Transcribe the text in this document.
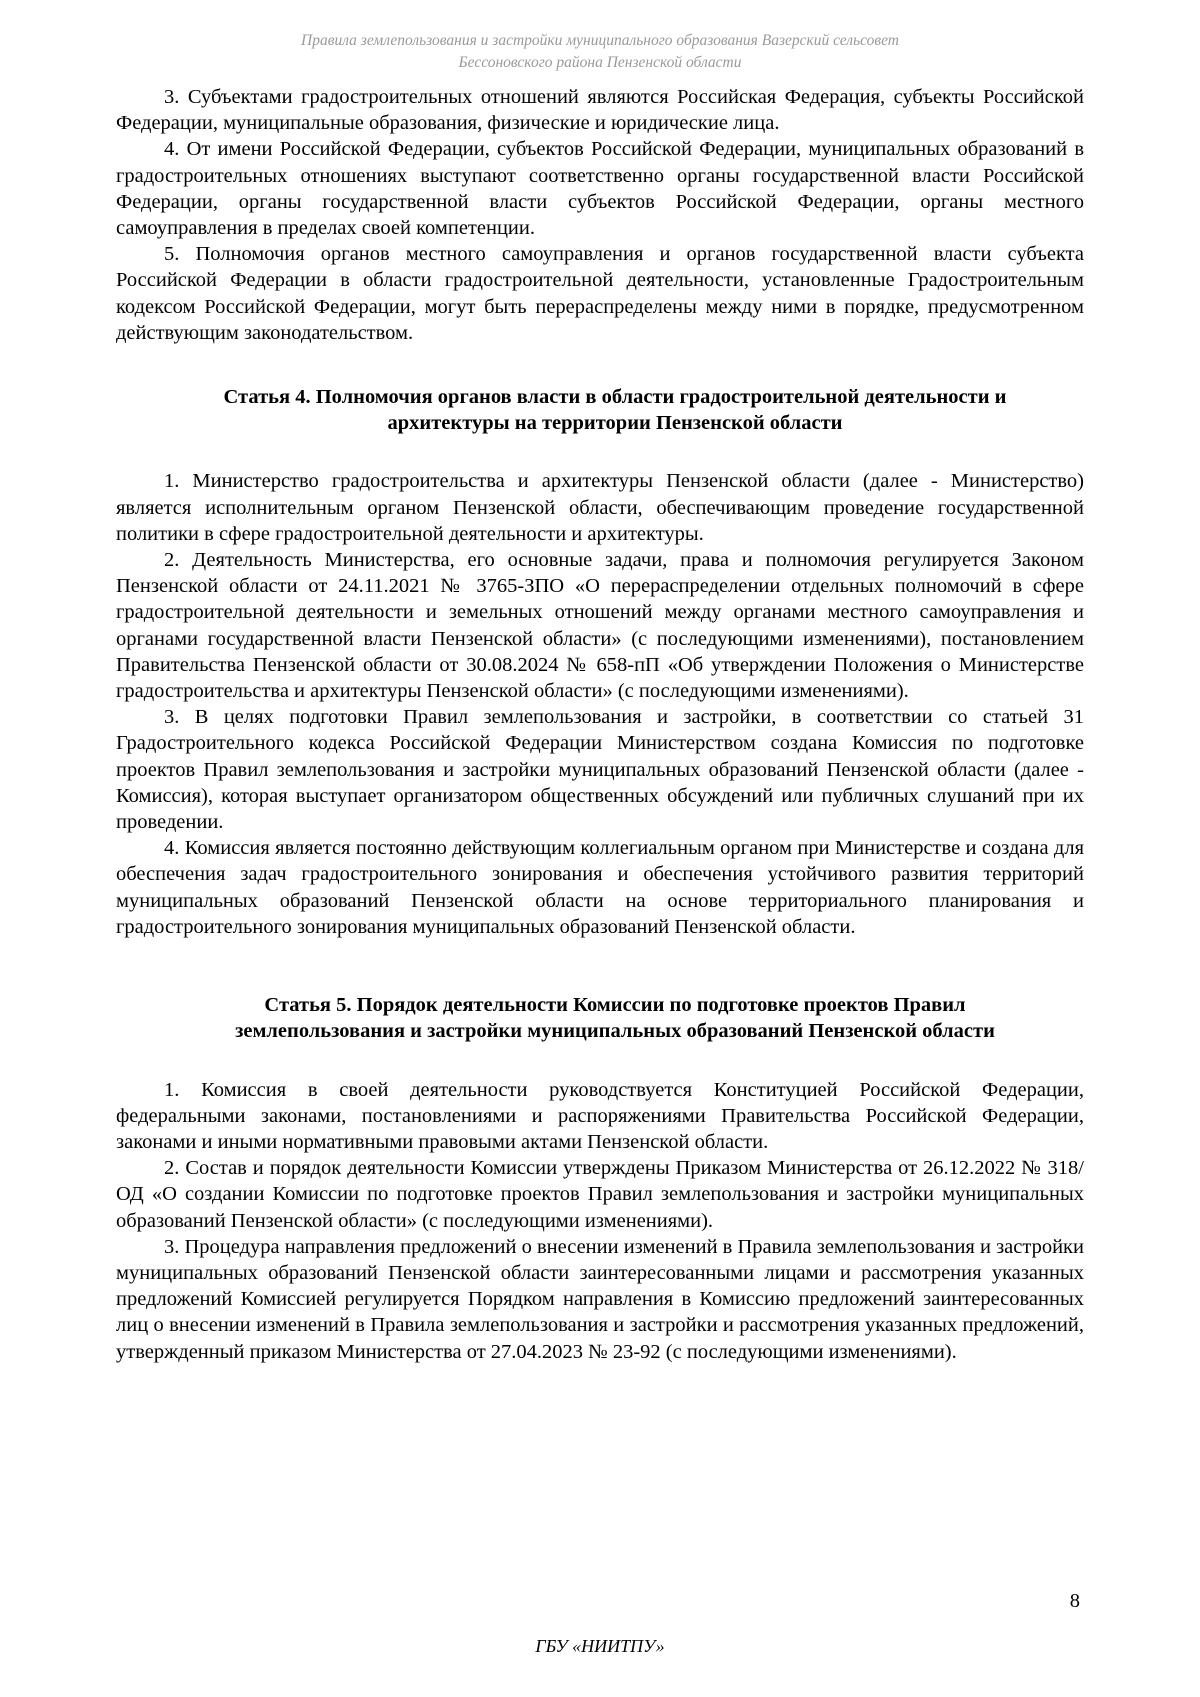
Правила землепользования и застройки муниципального образования Вазерский сельсовет
Бессоновского района Пензенской области

3. Субъектами градостроительных отношений являются Российская Федерация, субъекты Российской Федерации, муниципальные образования, физические и юридические лица.

4. От имени Российской Федерации, субъектов Российской Федерации, муниципальных образований в градостроительных отношениях выступают соответственно органы государственной власти Российской Федерации, органы государственной власти субъектов Российской Федерации, органы местного самоуправления в пределах своей компетенции.

5. Полномочия органов местного самоуправления и органов государственной власти субъекта Российской Федерации в области градостроительной деятельности, установленные Градостроительным кодексом Российской Федерации, могут быть перераспределены между ними в порядке, предусмотренном действующим законодательством.

Статья 4. Полномочия органов власти в области градостроительной деятельности и
архитектуры на территории Пензенской области

1. Министерство градостроительства и архитектуры Пензенской области (далее - Министерство) является исполнительным органом Пензенской области, обеспечивающим проведение государственной политики в сфере градостроительной деятельности и архитектуры.

2. Деятельность Министерства, его основные задачи, права и полномочия регулируется Законом Пензенской области от 24.11.2021 № 3765-ЗПО «О перераспределении отдельных полномочий в сфере градостроительной деятельности и земельных отношений между органами местного самоуправления и органами государственной власти Пензенской области» (с последующими изменениями), постановлением Правительства Пензенской области от 30.08.2024 № 658-пП «Об утверждении Положения о Министерстве градостроительства и архитектуры Пензенской области» (с последующими изменениями).

3. В целях подготовки Правил землепользования и застройки, в соответствии со статьей 31 Градостроительного кодекса Российской Федерации Министерством создана Комиссия по подготовке проектов Правил землепользования и застройки муниципальных образований Пензенской области (далее - Комиссия), которая выступает организатором общественных обсуждений или публичных слушаний при их проведении.

4. Комиссия является постоянно действующим коллегиальным органом при Министерстве и создана для обеспечения задач градостроительного зонирования и обеспечения устойчивого развития территорий муниципальных образований Пензенской области на основе территориального планирования и градостроительного зонирования муниципальных образований Пензенской области.

Статья 5. Порядок деятельности Комиссии по подготовке проектов Правил
землепользования и застройки муниципальных образований Пензенской области

1. Комиссия в своей деятельности руководствуется Конституцией Российской Федерации, федеральными законами, постановлениями и распоряжениями Правительства Российской Федерации, законами и иными нормативными правовыми актами Пензенской области.

2. Состав и порядок деятельности Комиссии утверждены Приказом Министерства от 26.12.2022 № 318/ОД «О создании Комиссии по подготовке проектов Правил землепользования и застройки муниципальных образований Пензенской области» (с последующими изменениями).

3. Процедура направления предложений о внесении изменений в Правила землепользования и застройки муниципальных образований Пензенской области заинтересованными лицами и рассмотрения указанных предложений Комиссией регулируется Порядком направления в Комиссию предложений заинтересованных лиц о внесении изменений в Правила землепользования и застройки и рассмотрения указанных предложений, утвержденный приказом Министерства от 27.04.2023 № 23-92 (с последующими изменениями).

8
ГБУ «НИИТПУ»
